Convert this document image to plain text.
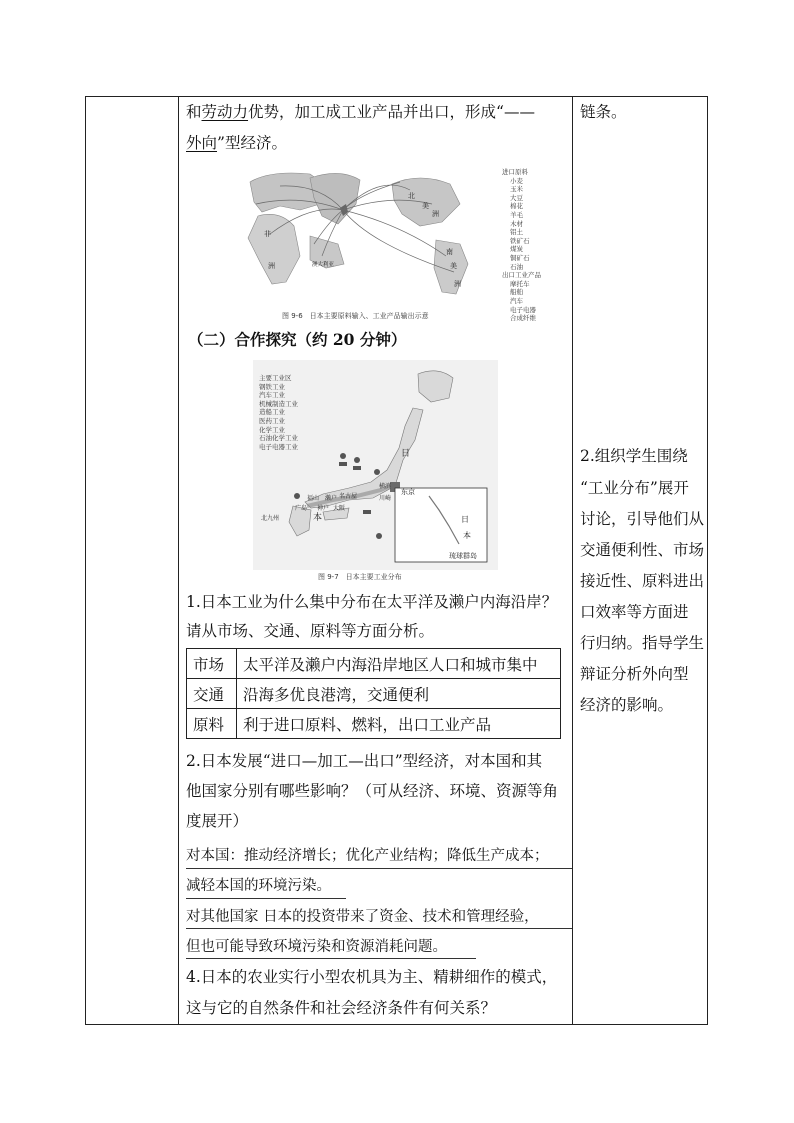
和劳动力优势，加工成工业产品并出口，形成“——
外向”型经济。
非
洲
北
美
洲
南
美
洲
澳大利亚
进口原料
小麦
玉米
大豆
棉花
羊毛
木材
铝土
铁矿石
煤炭
铜矿石
石油
出口工业产品
摩托车
船舶
汽车
电子电器
合成纤维
图 9-6　日本主要原料输入、工业产品输出示意
（二）合作探究（约 20 分钟）
日
本
东京
横滨
名古屋
大阪
神户
广岛
福山 濑户
北九州
川崎
日
本
琉球群岛
主要工业区
钢铁工业
汽车工业
机械制造工业
造船工业
医药工业
化学工业
石油化学工业
电子电器工业
图 9-7　日本主要工业分布
1.日本工业为什么集中分布在太平洋及濑户内海沿岸？
请从市场、交通、原料等方面分析。
市场	太平洋及濑户内海沿岸地区人口和城市集中
交通	沿海多优良港湾，交通便利
原料	利于进口原料、燃料，出口工业产品
2.日本发展“进口—加工—出口”型经济，对本国和其
他国家分别有哪些影响？（可从经济、环境、资源等角
度展开）
对本国：推动经济增长；优化产业结构；降低生产成本；
减轻本国的环境污染。
对其他国家 日本的投资带来了资金、技术和管理经验，
但也可能导致环境污染和资源消耗问题。
4.日本的农业实行小型农机具为主、精耕细作的模式，
这与它的自然条件和社会经济条件有何关系？
链条。
2.组织学生围绕
“工业分布”展开
讨论，引导他们从
交通便利性、市场
接近性、原料进出
口效率等方面进
行归纳。指导学生
辩证分析外向型
经济的影响。
